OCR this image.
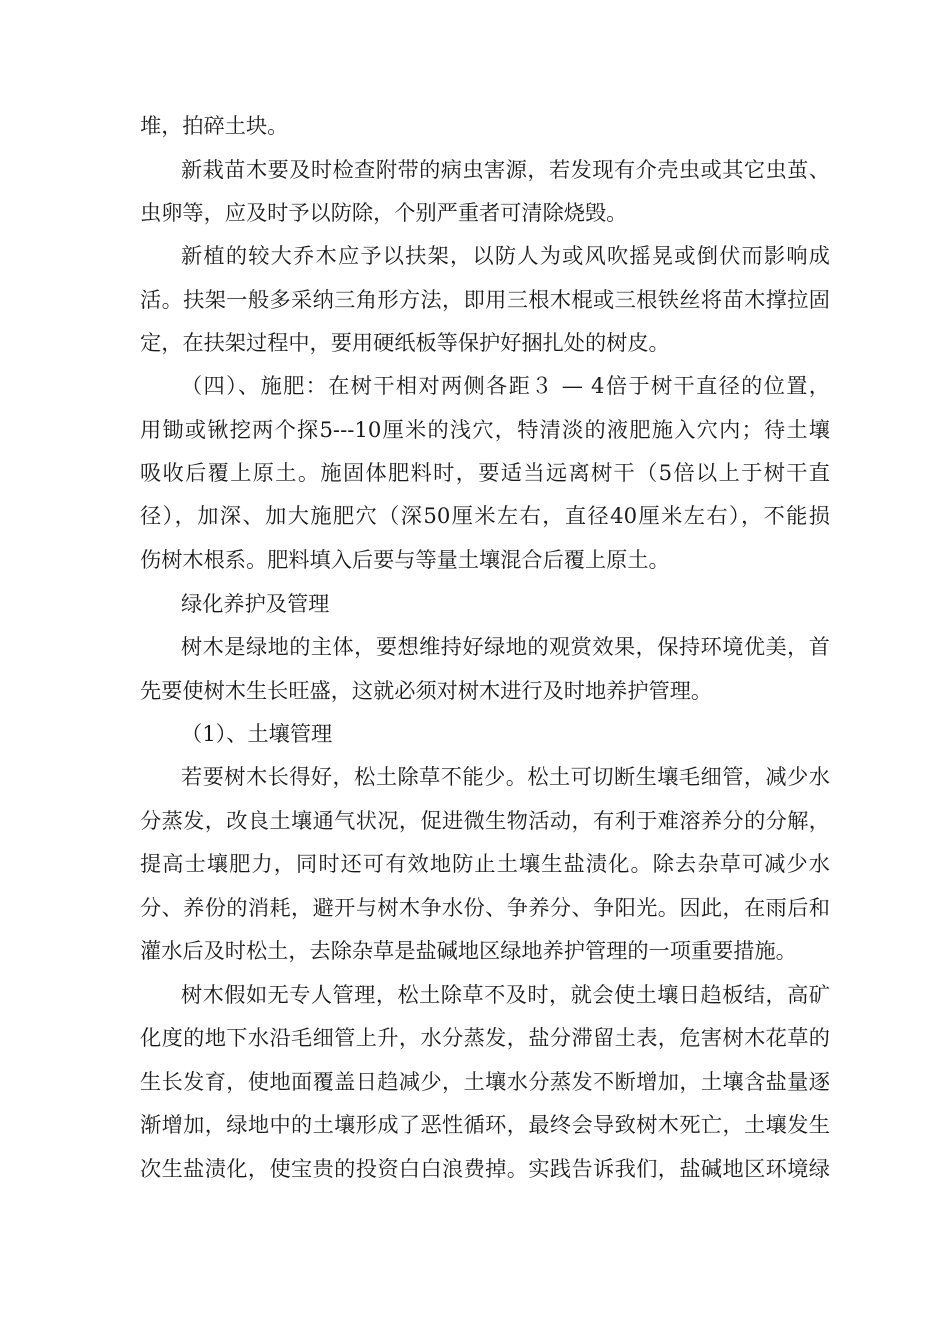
堆，拍碎土块。
新栽苗木要及时检查附带的病虫害源，若发现有介壳虫或其它虫茧、
虫卵等，应及时予以防除，个别严重者可清除烧毁。
新植的较大乔木应予以扶架，以防人为或风吹摇晃或倒伏而影响成
活。扶架一般多采纳三角形方法，即用三根木棍或三根铁丝将苗木撑拉固
定，在扶架过程中，要用硬纸板等保护好捆扎处的树皮。
（四）、施肥：在树干相对两侧各距３ — 4倍于树干直径的位置，
用锄或锹挖两个探5---10厘米的浅穴，特清淡的液肥施入穴内；待土壤
吸收后覆上原土。施固体肥料时，要适当远离树干（5倍以上于树干直
径），加深、加大施肥穴（深50厘米左右，直径40厘米左右），不能损
伤树木根系。肥料填入后要与等量土壤混合后覆上原土。
绿化养护及管理
树木是绿地的主体，要想维持好绿地的观赏效果，保持环境优美，首
先要使树木生长旺盛，这就必须对树木进行及时地养护管理。
（1）、土壤管理
若要树木长得好，松土除草不能少。松土可切断生壤毛细管，减少水
分蒸发，改良土壤通气状况，促进微生物活动，有利于难溶养分的分解，
提高士壤肥力，同时还可有效地防止土壤生盐渍化。除去杂草可减少水
分、养份的消耗，避开与树木争水份、争养分、争阳光。因此，在雨后和
灌水后及时松土，去除杂草是盐碱地区绿地养护管理的一项重要措施。
树木假如无专人管理，松土除草不及时，就会使土壤日趋板结，高矿
化度的地下水沿毛细管上升，水分蒸发，盐分滞留土表，危害树木花草的
生长发育，使地面覆盖日趋减少，土壤水分蒸发不断增加，土壤含盐量逐
渐增加，绿地中的土壤形成了恶性循环，最终会导致树木死亡，土壤发生
次生盐渍化，使宝贵的投资白白浪费掉。实践告诉我们，盐碱地区环境绿
